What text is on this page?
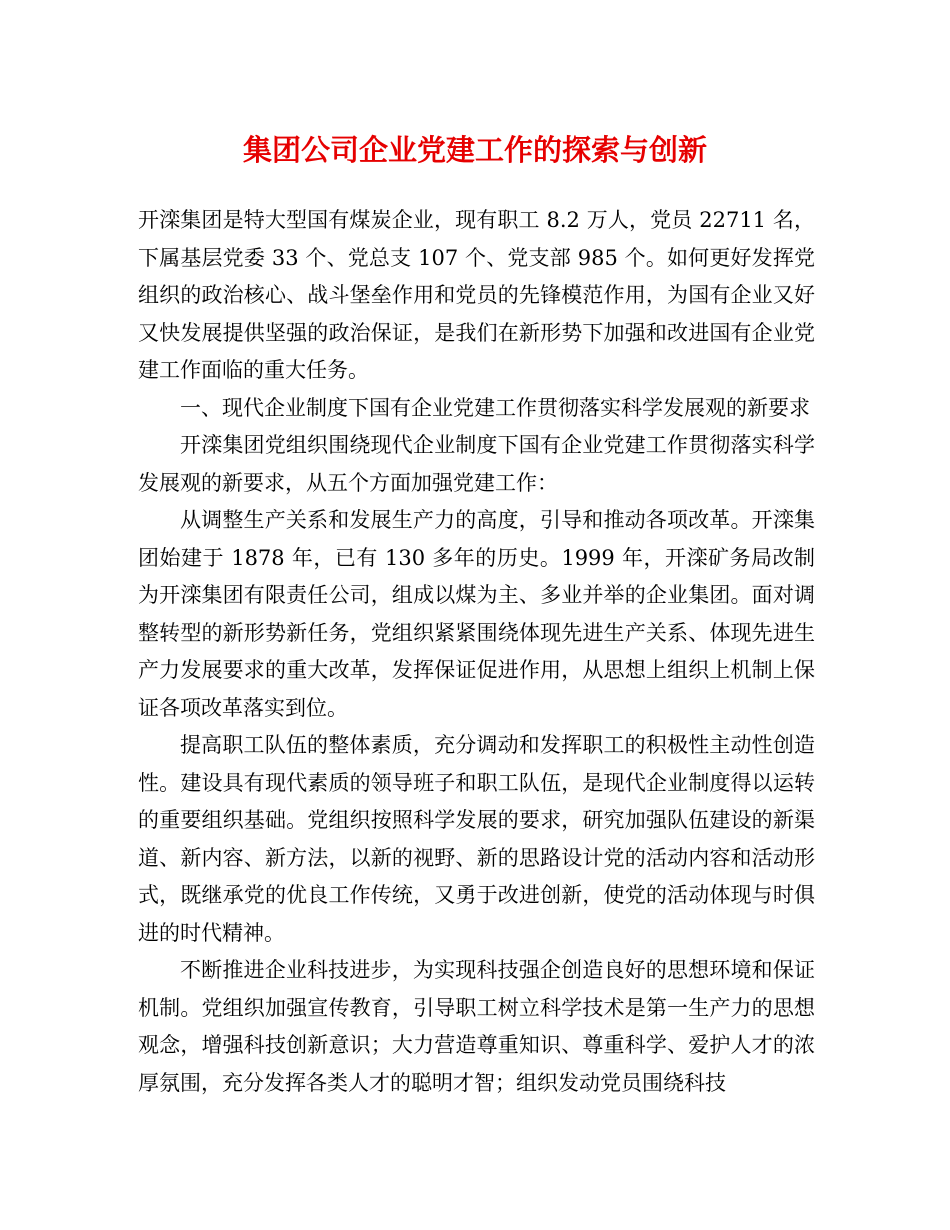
集团公司企业党建工作的探索与创新

开滦集团是特大型国有煤炭企业，现有职工 8.2 万人，党员 22711 名，下属基层党委 33 个、党总支 107 个、党支部 985 个。如何更好发挥党组织的政治核心、战斗堡垒作用和党员的先锋模范作用，为国有企业又好又快发展提供坚强的政治保证，是我们在新形势下加强和改进国有企业党建工作面临的重大任务。

一、现代企业制度下国有企业党建工作贯彻落实科学发展观的新要求

开滦集团党组织围绕现代企业制度下国有企业党建工作贯彻落实科学发展观的新要求，从五个方面加强党建工作：

从调整生产关系和发展生产力的高度，引导和推动各项改革。开滦集团始建于 1878 年，已有 130 多年的历史。1999 年，开滦矿务局改制为开滦集团有限责任公司，组成以煤为主、多业并举的企业集团。面对调整转型的新形势新任务，党组织紧紧围绕体现先进生产关系、体现先进生产力发展要求的重大改革，发挥保证促进作用，从思想上组织上机制上保证各项改革落实到位。

提高职工队伍的整体素质，充分调动和发挥职工的积极性主动性创造性。建设具有现代素质的领导班子和职工队伍，是现代企业制度得以运转的重要组织基础。党组织按照科学发展的要求，研究加强队伍建设的新渠道、新内容、新方法，以新的视野、新的思路设计党的活动内容和活动形式，既继承党的优良工作传统，又勇于改进创新，使党的活动体现与时俱进的时代精神。

不断推进企业科技进步，为实现科技强企创造良好的思想环境和保证机制。党组织加强宣传教育，引导职工树立科学技术是第一生产力的思想观念，增强科技创新意识；大力营造尊重知识、尊重科学、爱护人才的浓厚氛围，充分发挥各类人才的聪明才智；组织发动党员围绕科技
